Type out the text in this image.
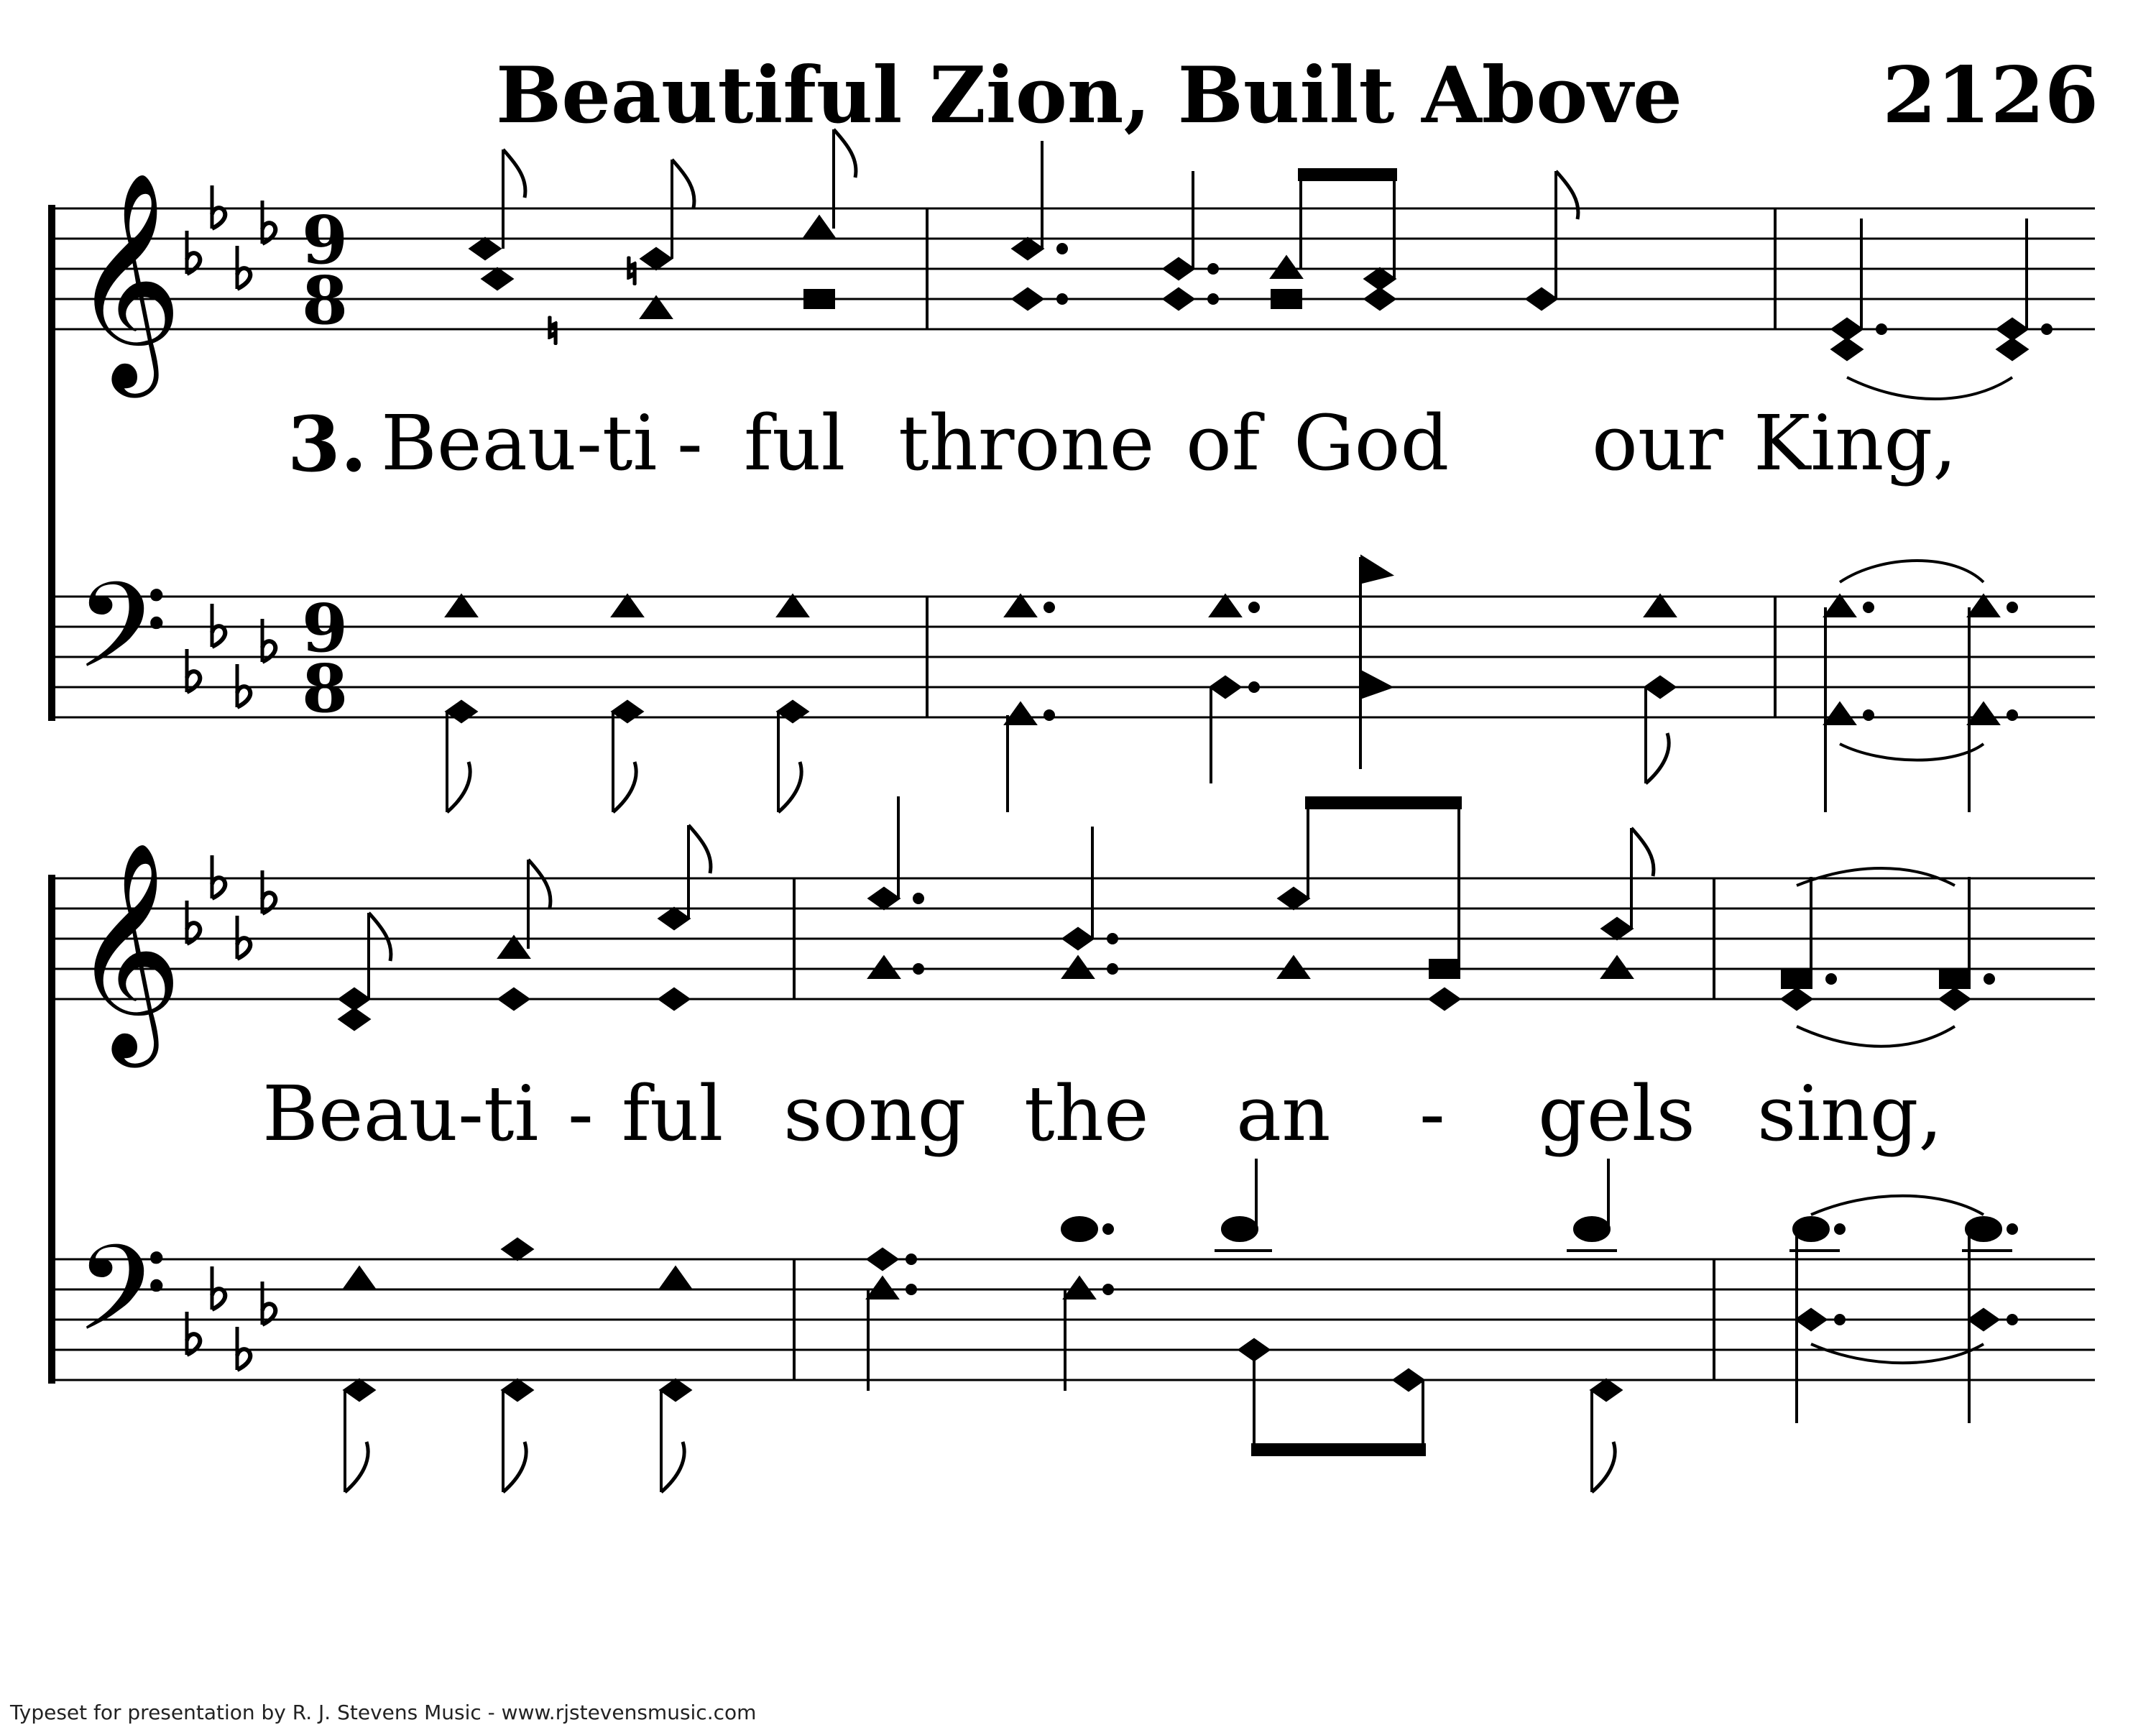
𝄞
𝄢
9
8
9
8
♮
♮
𝄞
𝄢
Beautiful Zion, Built Above	2126
3. Beau-ti - ful throne of God our King,
Beau-ti - ful song the an - gels sing,
Typeset for presentation by R. J. Stevens Music - www.rjstevensmusic.com
